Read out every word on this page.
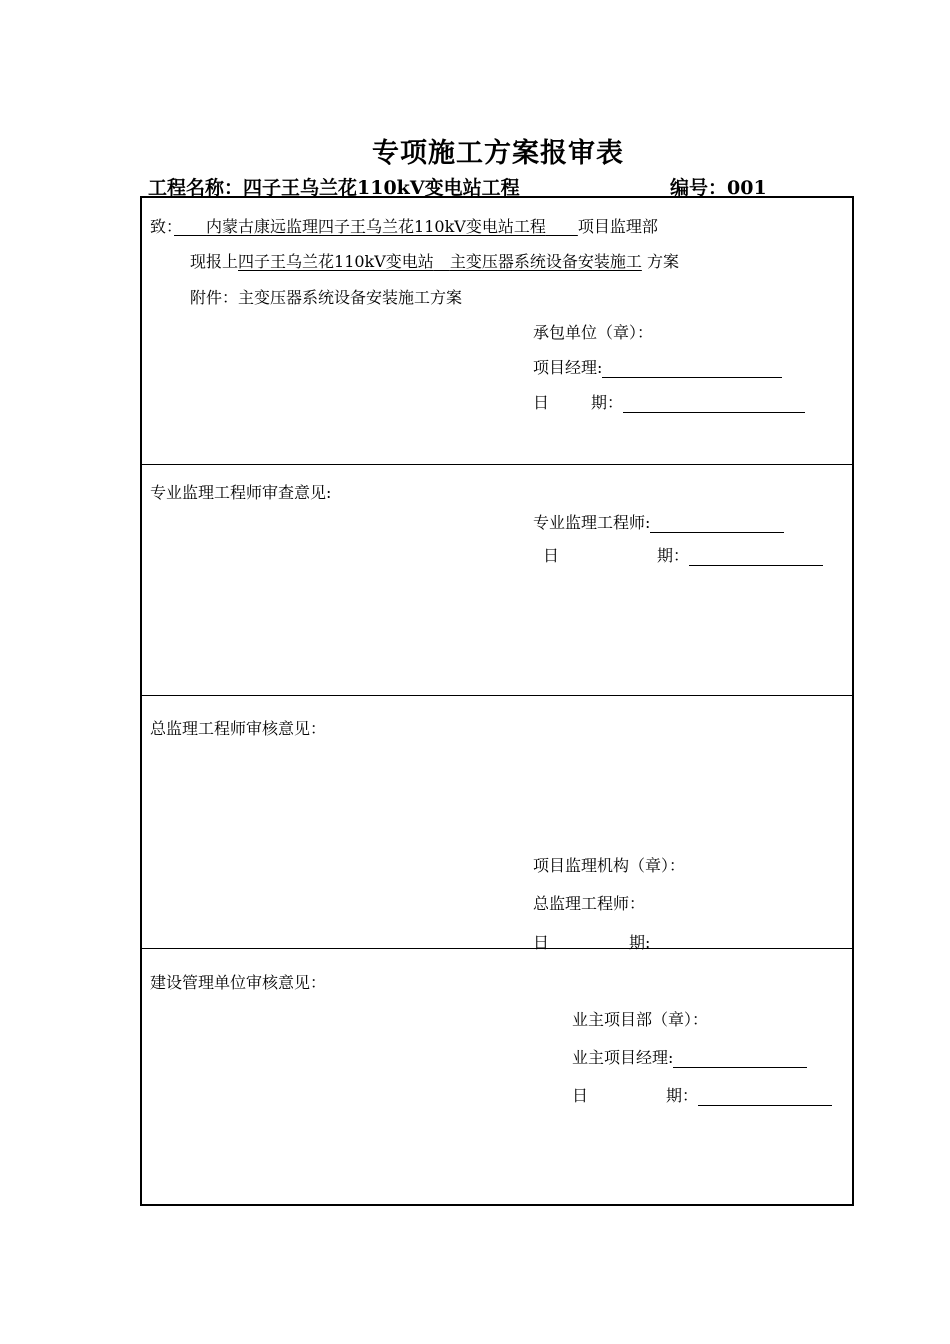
专项施工方案报审表
工程名称：四子王乌兰花110kV变电站工程	编号：001
致：　　 内蒙古康远监理四子王乌兰花110kV变电站工程　　 项目监理部
现报上四子王乌兰花110kV变电站　 主变压器系统设备安装施工 方案
附件：主变压器系统设备安装施工方案
承包单位（章）：
项目经理:
日	期：
专业监理工程师审查意见:
专业监理工程师:
日	期：
总监理工程师审核意见：
项目监理机构（章）：
总监理工程师：
日	期:
建设管理单位审核意见：
业主项目部（章）：
业主项目经理:
日	期：
